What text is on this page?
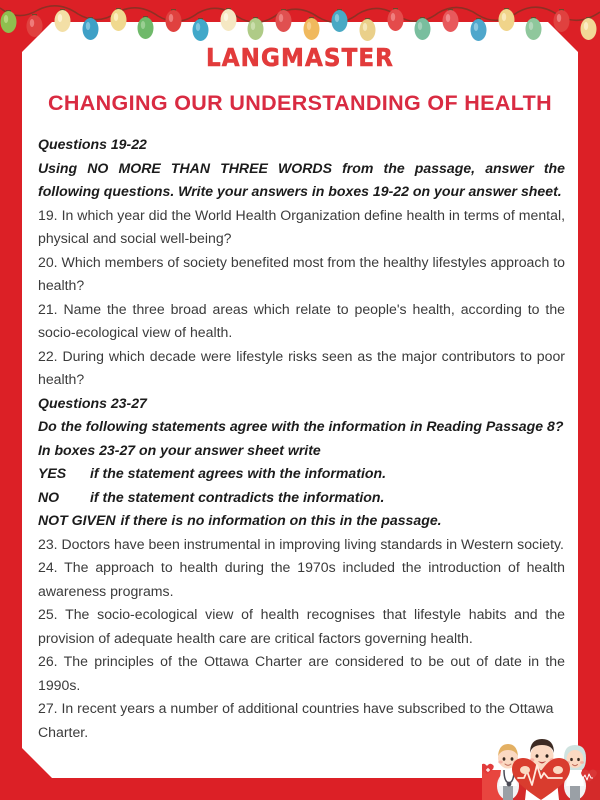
LANGMASTER
CHANGING OUR UNDERSTANDING OF HEALTH
Questions 19-22
Using NO MORE THAN THREE WORDS from the passage, answer the following questions. Write your answers in boxes 19-22 on your answer sheet.

19. In which year did the World Health Organization define health in terms of mental, physical and social well-being?

20. Which members of society benefited most from the healthy lifestyles approach to health?

21. Name the three broad areas which relate to people's health, according to the socio-ecological view of health.

22. During which decade were lifestyle risks seen as the major contributors to poor health?

Questions 23-27
Do the following statements agree with the information in Reading Passage 8?
In boxes 23-27 on your answer sheet write
YES if the statement agrees with the information.
NO if the statement contradicts the information.
NOT GIVEN if there is no information on this in the passage.

23. Doctors have been instrumental in improving living standards in Western society.

24. The approach to health during the 1970s included the introduction of health awareness programs.

25. The socio-ecological view of health recognises that lifestyle habits and the provision of adequate health care are critical factors governing health.

26. The principles of the Ottawa Charter are considered to be out of date in the 1990s.

27. In recent years a number of additional countries have subscribed to the Ottawa Charter.
